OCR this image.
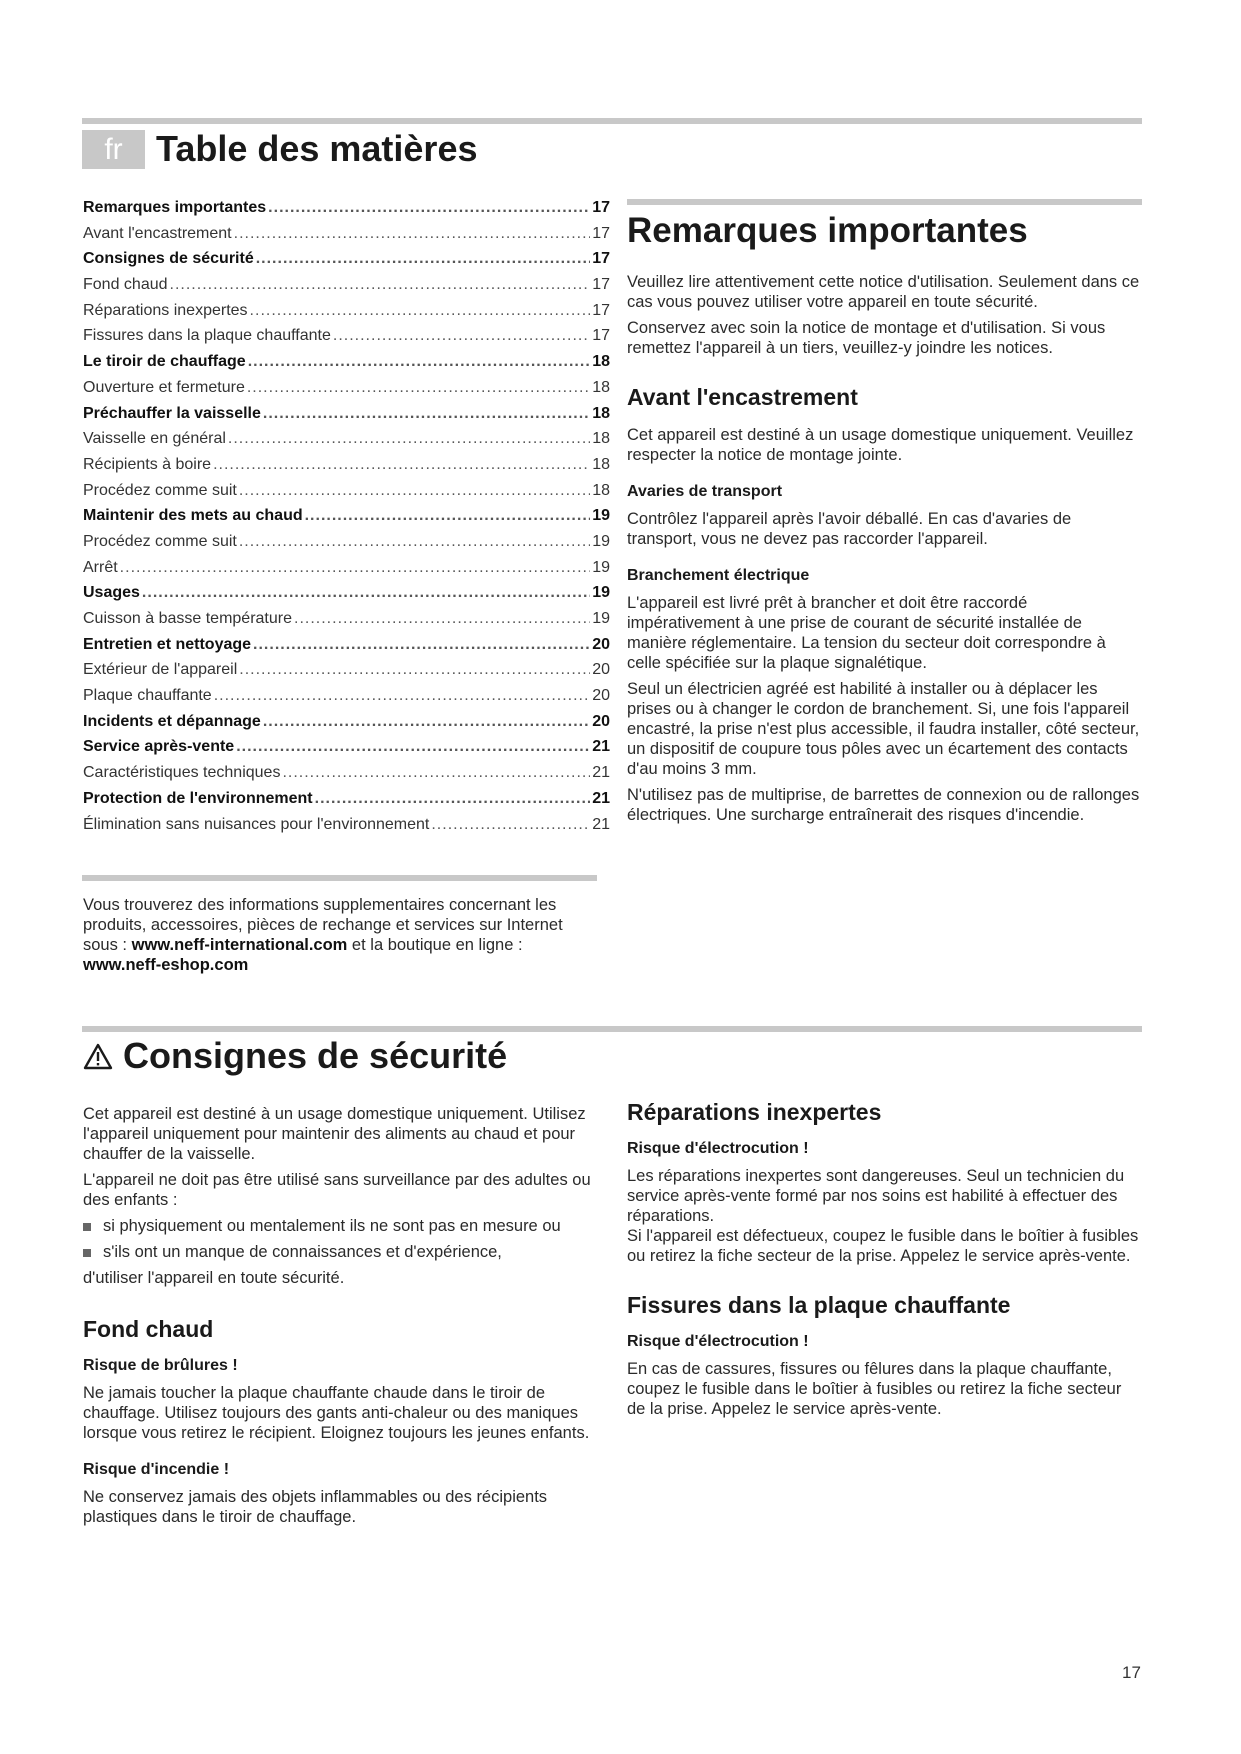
fr Table des matières
Remarques importantes .....	17
Avant l'encastrement .....	17
Consignes de sécurité .....	17
Fond chaud .....	17
Réparations inexpertes .....	17
Fissures dans la plaque chauffante .....	17
Le tiroir de chauffage .....	18
Ouverture et fermeture .....	18
Préchauffer la vaisselle .....	18
Vaisselle en général .....	18
Récipients à boire .....	18
Procédez comme suit .....	18
Maintenir des mets au chaud .....	19
Procédez comme suit .....	19
Arrêt .....	19
Usages .....	19
Cuisson à basse température .....	19
Entretien et nettoyage .....	20
Extérieur de l'appareil .....	20
Plaque chauffante .....	20
Incidents et dépannage .....	20
Service après-vente .....	21
Caractéristiques techniques .....	21
Protection de l'environnement .....	21
Élimination sans nuisances pour l'environnement .....	21

Vous trouverez des informations supplementaires concernant les produits, accessoires, pièces de rechange et services sur Internet sous : www.neff-international.com et la boutique en ligne : www.neff-eshop.com

Remarques importantes

Veuillez lire attentivement cette notice d'utilisation. Seulement dans ce cas vous pouvez utiliser votre appareil en toute sécurité.

Conservez avec soin la notice de montage et d'utilisation. Si vous remettez l'appareil à un tiers, veuillez-y joindre les notices.

Avant l'encastrement

Cet appareil est destiné à un usage domestique uniquement. Veuillez respecter la notice de montage jointe.

Avaries de transport

Contrôlez l'appareil après l'avoir déballé. En cas d'avaries de transport, vous ne devez pas raccorder l'appareil.

Branchement électrique

L'appareil est livré prêt à brancher et doit être raccordé impérativement à une prise de courant de sécurité installée de manière réglementaire. La tension du secteur doit correspondre à celle spécifiée sur la plaque signalétique.

Seul un électricien agréé est habilité à installer ou à déplacer les prises ou à changer le cordon de branchement. Si, une fois l'appareil encastré, la prise n'est plus accessible, il faudra installer, côté secteur, un dispositif de coupure tous pôles avec un écartement des contacts d'au moins 3 mm.

N'utilisez pas de multiprise, de barrettes de connexion ou de rallonges électriques. Une surcharge entraînerait des risques d'incendie.

Consignes de sécurité

Cet appareil est destiné à un usage domestique uniquement. Utilisez l'appareil uniquement pour maintenir des aliments au chaud et pour chauffer de la vaisselle.

L'appareil ne doit pas être utilisé sans surveillance par des adultes ou des enfants :

si physiquement ou mentalement ils ne sont pas en mesure ou
s'ils ont un manque de connaissances et d'expérience,

d'utiliser l'appareil en toute sécurité.

Fond chaud
Risque de brûlures !

Ne jamais toucher la plaque chauffante chaude dans le tiroir de chauffage. Utilisez toujours des gants anti-chaleur ou des maniques lorsque vous retirez le récipient. Eloignez toujours les jeunes enfants.

Risque d'incendie !

Ne conservez jamais des objets inflammables ou des récipients plastiques dans le tiroir de chauffage.

Réparations inexpertes
Risque d'électrocution !

Les réparations inexpertes sont dangereuses. Seul un technicien du service après-vente formé par nos soins est habilité à effectuer des réparations.

Si l'appareil est défectueux, coupez le fusible dans le boîtier à fusibles ou retirez la fiche secteur de la prise. Appelez le service après-vente.

Fissures dans la plaque chauffante
Risque d'électrocution !

En cas de cassures, fissures ou fêlures dans la plaque chauffante, coupez le fusible dans le boîtier à fusibles ou retirez la fiche secteur de la prise. Appelez le service après-vente.

17
